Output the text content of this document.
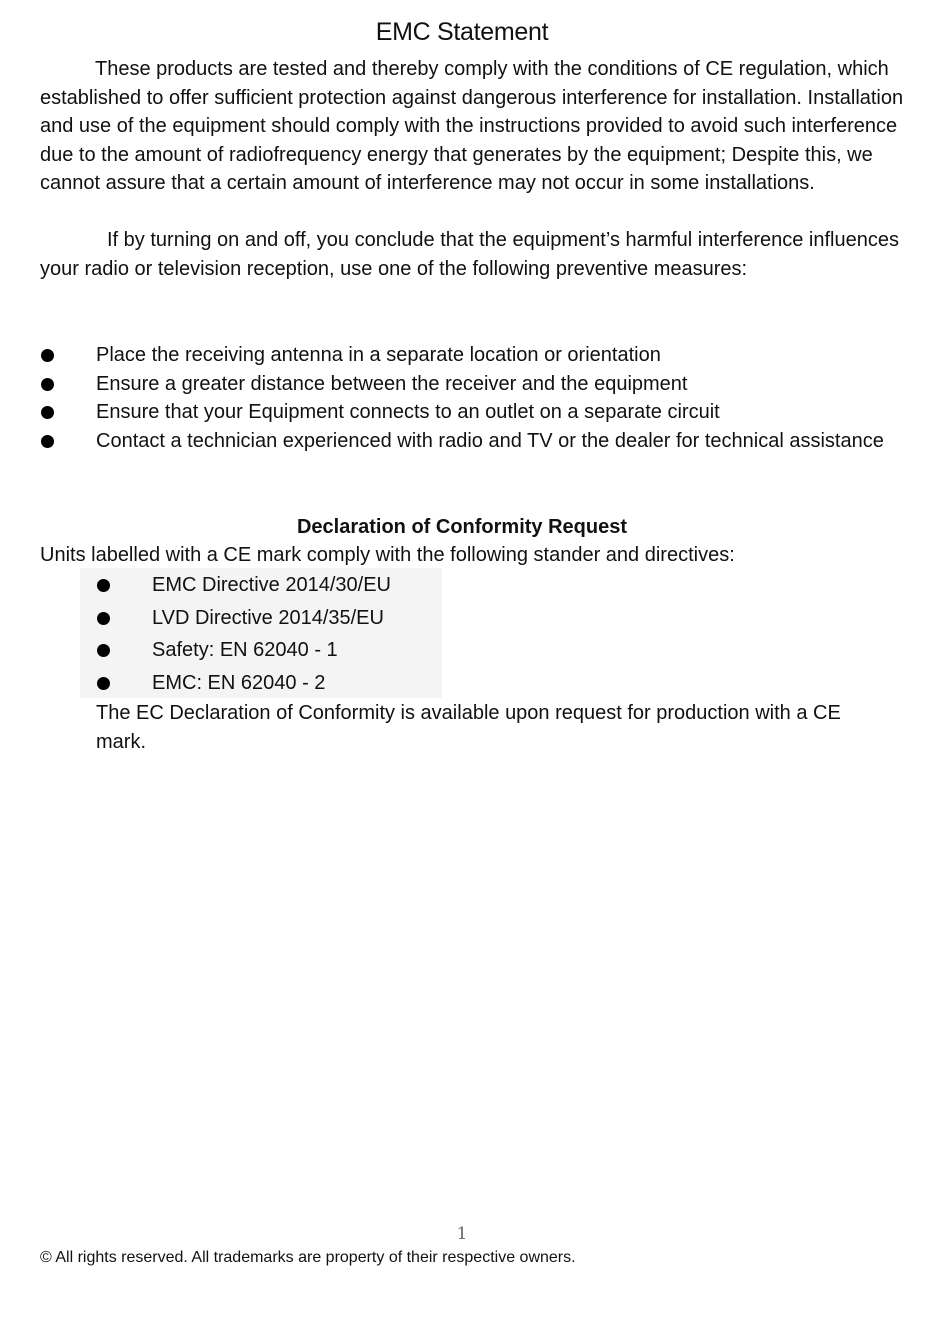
EMC Statement

These products are tested and thereby comply with the conditions of CE regulation, which established to offer sufficient protection against dangerous interference for installation. Installation and use of the equipment should comply with the instructions provided to avoid such interference due to the amount of radiofrequency energy that generates by the equipment; Despite this, we cannot assure that a certain amount of interference may not occur in some installations.

If by turning on and off, you conclude that the equipment’s harmful interference influences your radio or television reception, use one of the following preventive measures:

Place the receiving antenna in a separate location or orientation
Ensure a greater distance between the receiver and the equipment
Ensure that your Equipment connects to an outlet on a separate circuit
Contact a technician experienced with radio and TV or the dealer for technical assistance
Declaration of Conformity Request
Units labelled with a CE mark comply with the following stander and directives:
EMC Directive 2014/30/EU
LVD Directive 2014/35/EU
Safety: EN 62040 - 1
EMC: EN 62040 - 2
The EC Declaration of Conformity is available upon request for production with a CE mark.
1
© All rights reserved. All trademarks are property of their respective owners.
